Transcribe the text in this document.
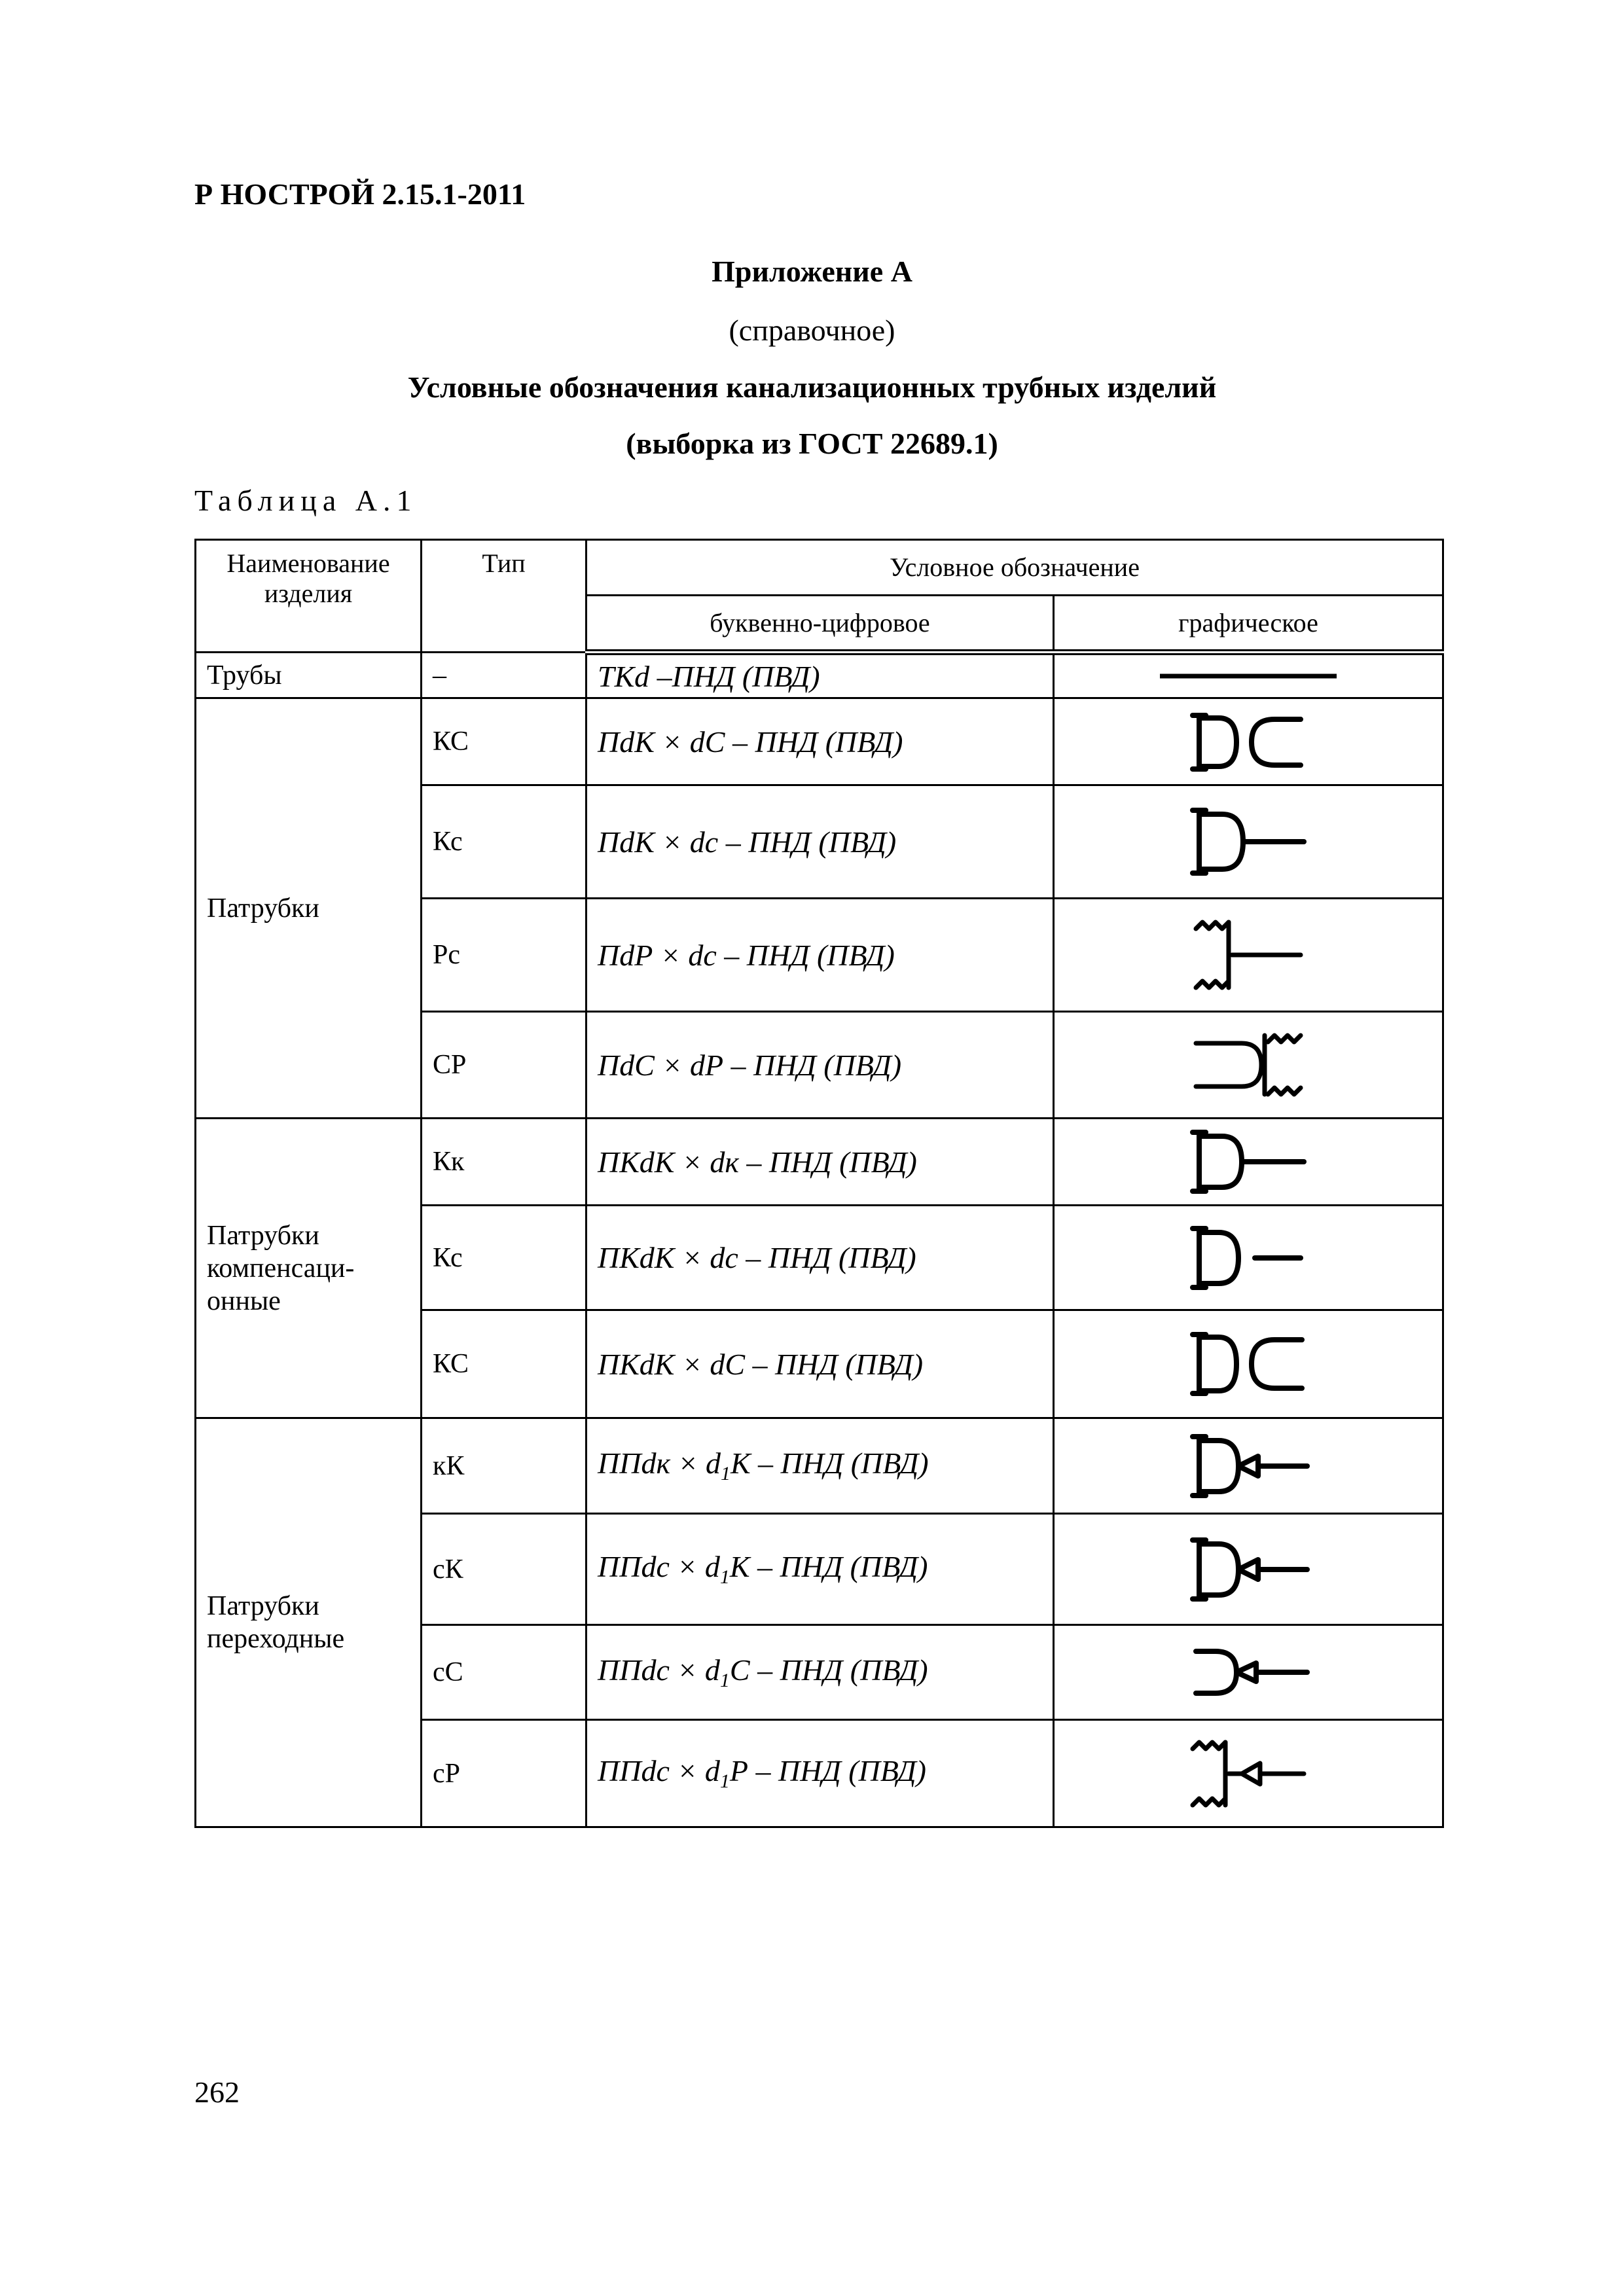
Р НОСТРОЙ 2.15.1-2011
Приложение А
(справочное)
Условные обозначения канализационных трубных изделий
(выборка из ГОСТ 22689.1)
Таблица А.1
Наименование изделия	Тип	Условное обозначение	
		буквенно-цифровое	графическое
Трубы	–	ТКd –ПНД (ПВД)	

Патрубки	КС	ПdК × dС – ПНД (ПВД)	

	Кс	ПdК × dc – ПНД (ПВД)	

	Рс	ПdР × dc – ПНД (ПВД)	

	СР	ПdС × dР – ПНД (ПВД)	

Патрубки
компенсаци-
онные	Кк	ПКdК × dк – ПНД (ПВД)	

	Кс	ПКdК × dc – ПНД (ПВД)	

	КС	ПКdК × dС – ПНД (ПВД)	

Патрубки
переходные	кК	ППdк × $d_1К$ – ПНД (ПВД)	

	сК	ППdc × $d_1К$ – ПНД (ПВД)	

	сС	ППdc × $d_1С$ – ПНД (ПВД)	

	сР	ППdc × $d_1Р$ – ПНД (ПВД)	
262
